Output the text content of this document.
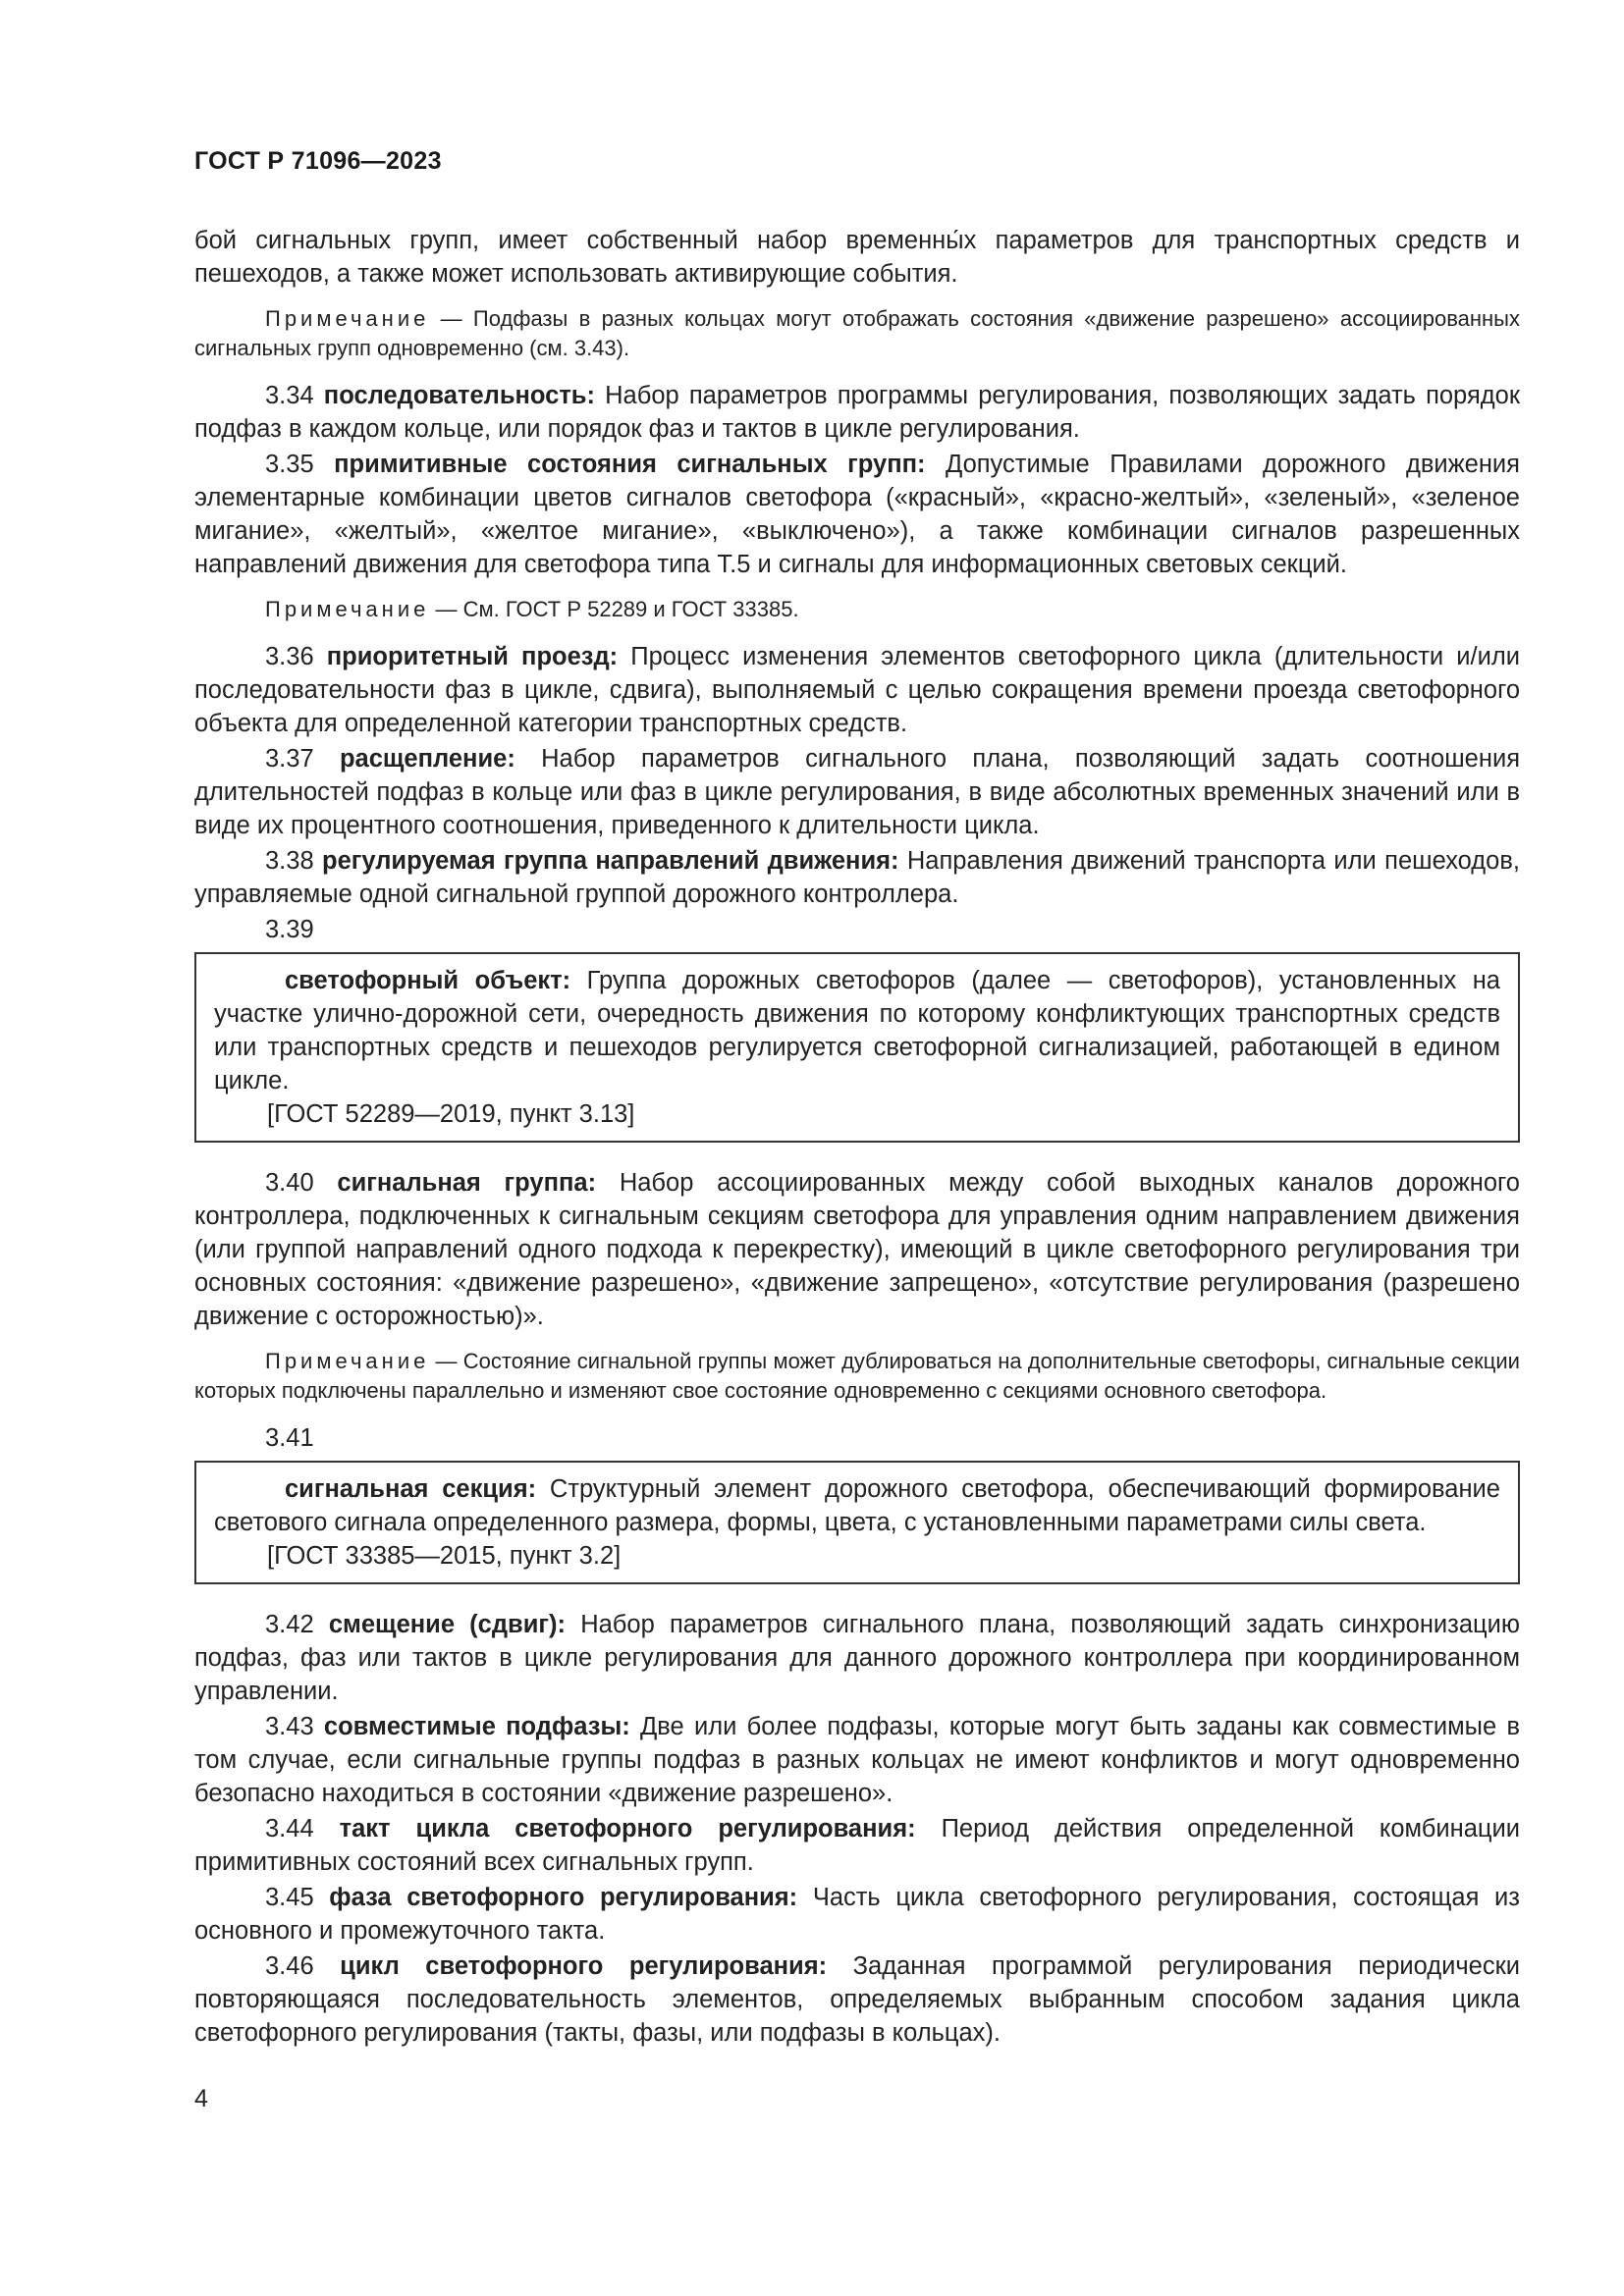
ГОСТ Р 71096—2023

бой сигнальных групп, имеет собственный набор временны́х параметров для транспортных средств и пешеходов, а также может использовать активирующие события.

Примечание — Подфазы в разных кольцах могут отображать состояния «движение разрешено» ассоциированных сигнальных групп одновременно (см. 3.43).

3.34 последовательность: Набор параметров программы регулирования, позволяющих задать порядок подфаз в каждом кольце, или порядок фаз и тактов в цикле регулирования.

3.35 примитивные состояния сигнальных групп: Допустимые Правилами дорожного движения элементарные комбинации цветов сигналов светофора («красный», «красно-желтый», «зеленый», «зеленое мигание», «желтый», «желтое мигание», «выключено»), а также комбинации сигналов разрешенных направлений движения для светофора типа Т.5 и сигналы для информационных световых секций.

Примечание — См. ГОСТ Р 52289 и ГОСТ 33385.

3.36 приоритетный проезд: Процесс изменения элементов светофорного цикла (длительности и/или последовательности фаз в цикле, сдвига), выполняемый с целью сокращения времени проезда светофорного объекта для определенной категории транспортных средств.

3.37 расщепление: Набор параметров сигнального плана, позволяющий задать соотношения длительностей подфаз в кольце или фаз в цикле регулирования, в виде абсолютных временных значений или в виде их процентного соотношения, приведенного к длительности цикла.

3.38 регулируемая группа направлений движения: Направления движений транспорта или пешеходов, управляемые одной сигнальной группой дорожного контроллера.

3.39

светофорный объект: Группа дорожных светофоров (далее — светофоров), установленных на участке улично-дорожной сети, очередность движения по которому конфликтующих транспортных средств или транспортных средств и пешеходов регулируется светофорной сигнализацией, работающей в едином цикле.

[ГОСТ 52289—2019, пункт 3.13]

3.40 сигнальная группа: Набор ассоциированных между собой выходных каналов дорожного контроллера, подключенных к сигнальным секциям светофора для управления одним направлением движения (или группой направлений одного подхода к перекрестку), имеющий в цикле светофорного регулирования три основных состояния: «движение разрешено», «движение запрещено», «отсутствие регулирования (разрешено движение с осторожностью)».

Примечание — Состояние сигнальной группы может дублироваться на дополнительные светофоры, сигнальные секции которых подключены параллельно и изменяют свое состояние одновременно с секциями основного светофора.

3.41

сигнальная секция: Структурный элемент дорожного светофора, обеспечивающий формирование светового сигнала определенного размера, формы, цвета, с установленными параметрами силы света.

[ГОСТ 33385—2015, пункт 3.2]

3.42 смещение (сдвиг): Набор параметров сигнального плана, позволяющий задать синхронизацию подфаз, фаз или тактов в цикле регулирования для данного дорожного контроллера при координированном управлении.

3.43 совместимые подфазы: Две или более подфазы, которые могут быть заданы как совместимые в том случае, если сигнальные группы подфаз в разных кольцах не имеют конфликтов и могут одновременно безопасно находиться в состоянии «движение разрешено».

3.44 такт цикла светофорного регулирования: Период действия определенной комбинации примитивных состояний всех сигнальных групп.

3.45 фаза светофорного регулирования: Часть цикла светофорного регулирования, состоящая из основного и промежуточного такта.

3.46 цикл светофорного регулирования: Заданная программой регулирования периодически повторяющаяся последовательность элементов, определяемых выбранным способом задания цикла светофорного регулирования (такты, фазы, или подфазы в кольцах).

4
